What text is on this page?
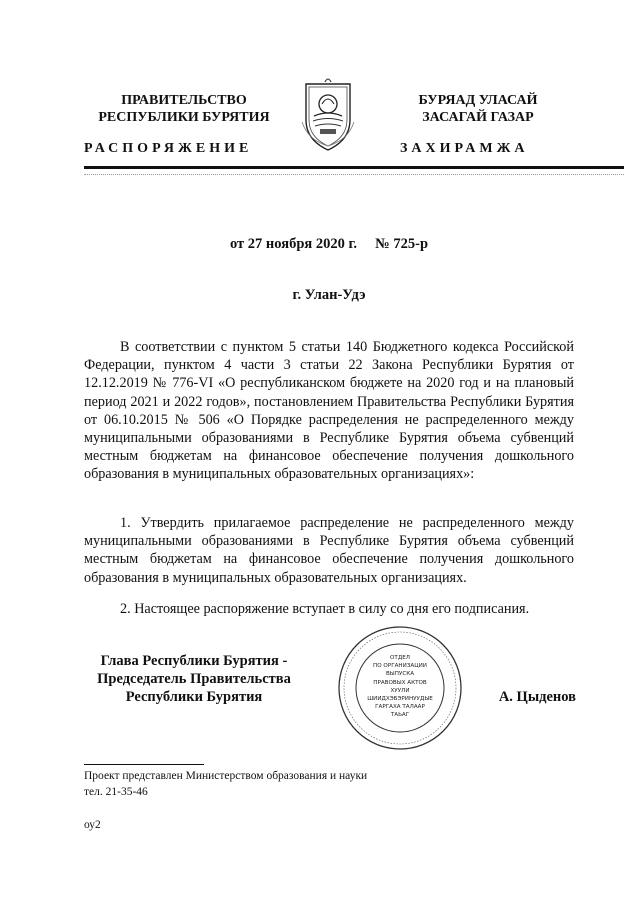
ПРАВИТЕЛЬСТВО
РЕСПУБЛИКИ БУРЯТИЯ
БУРЯАД УЛАСАЙ
ЗАСАГАЙ ГАЗАР
РАСПОРЯЖЕНИЕ	ЗАХИРАМЖА
от 27 ноября 2020 г.     № 725-р
г. Улан-Удэ
В соответствии с пунктом 5 статьи 140 Бюджетного кодекса Российской Федерации, пунктом 4 части 3 статьи 22 Закона Республики Бурятия от 12.12.2019 № 776-VI «О республиканском бюджете на 2020 год и на плановый период 2021 и 2022 годов», постановлением Правительства Республики Бурятия от 06.10.2015 № 506 «О Порядке распределения не распределенного между муниципальными образованиями в Республике Бурятия объема субвенций местным бюджетам на финансовое обеспечение получения дошкольного образования в муниципальных образовательных организациях»:
1. Утвердить прилагаемое распределение не распределенного между муниципальными образованиями в Республике Бурятия объема субвенций местным бюджетам на финансовое обеспечение получения дошкольного образования в муниципальных образовательных организациях.
2. Настоящее распоряжение вступает в силу со дня его подписания.
Глава Республики Бурятия -
Председатель Правительства
Республики Бурятия
ОТДЕЛ
ПО ОРГАНИЗАЦИИ
ВЫПУСКА
ПРАВОВЫХ АКТОВ
ХУУЛИ
ШИИДХЭБЭРИНУУДЫЕ
ГАРГАХА ТАЛААР
ТАЬАГ
А. Цыденов
Проект представлен Министерством образования и науки
тел. 21-35-46
оу2
